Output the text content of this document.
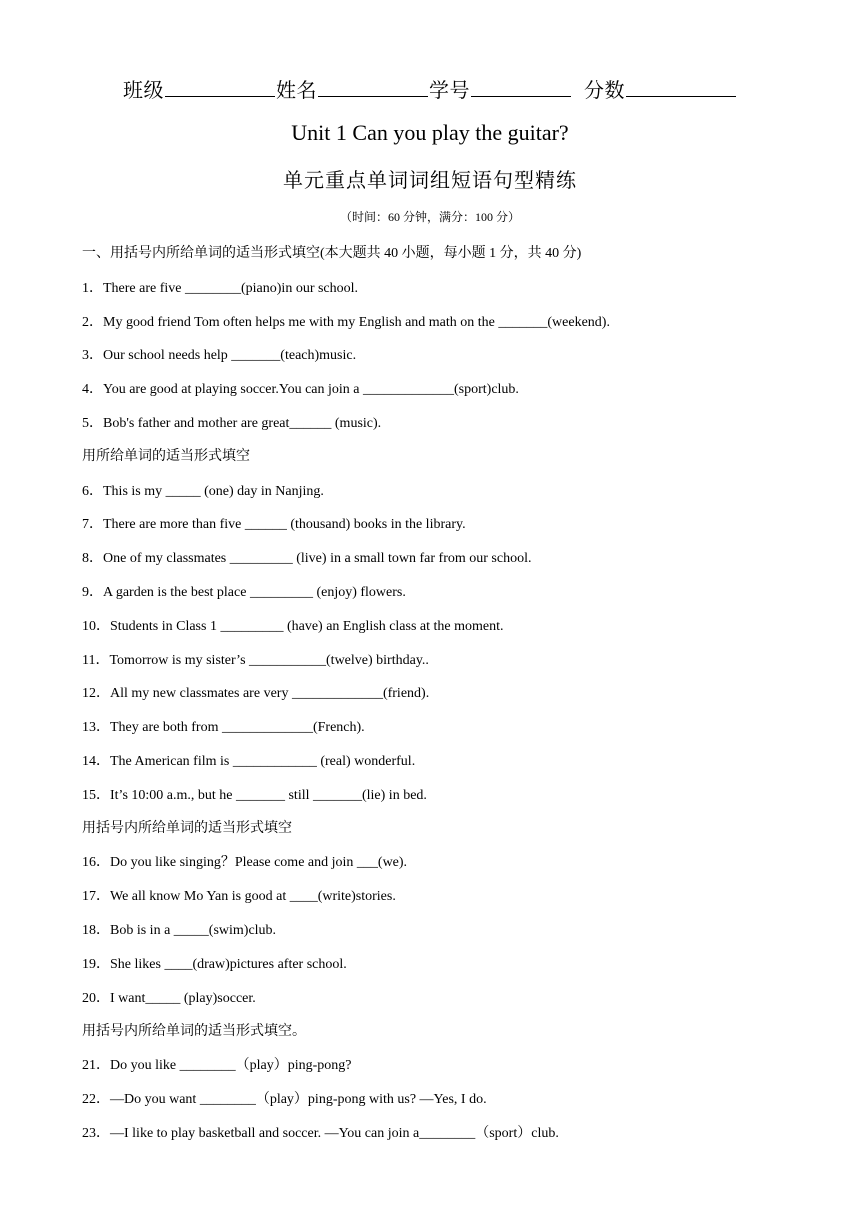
班级	姓名	学号	分数
Unit 1 Can you play the guitar?
单元重点单词词组短语句型精练
（时间：60 分钟，满分：100 分）
一、用括号内所给单词的适当形式填空(本大题共 40 小题，每小题 1 分，共 40 分)
1．There are five ________(piano)in our school.
2．My good friend Tom often helps me with my English and math on the _______(weekend).
3．Our school needs help _______(teach)music.
4．You are good at playing soccer.You can join a _____________(sport)club.
5．Bob's father and mother are great______ (music).
用所给单词的适当形式填空
6．This is my _____ (one) day in Nanjing.
7．There are more than five ______ (thousand) books in the library.
8．One of my classmates _________ (live) in a small town far from our school.
9．A garden is the best place _________ (enjoy) flowers.
10．Students in Class 1 _________ (have) an English class at the moment.
11．Tomorrow is my sister’s ___________(twelve) birthday..
12．All my new classmates are very _____________(friend).
13．They are both from _____________(French).
14．The American film is ____________ (real) wonderful.
15．It’s 10:00 a.m., but he _______ still _______(lie) in bed.
用括号内所给单词的适当形式填空
16．Do you like singing？Please come and join ___(we).
17．We all know Mo Yan is good at ____(write)stories.
18．Bob is in a _____(swim)club.
19．She likes ____(draw)pictures after school.
20．I want_____ (play)soccer.
用括号内所给单词的适当形式填空。
21．Do you like ________（play）ping-pong?
22．—Do you want ________（play）ping-pong with us? —Yes, I do.
23．—I like to play basketball and soccer. —You can join a________（sport）club.
